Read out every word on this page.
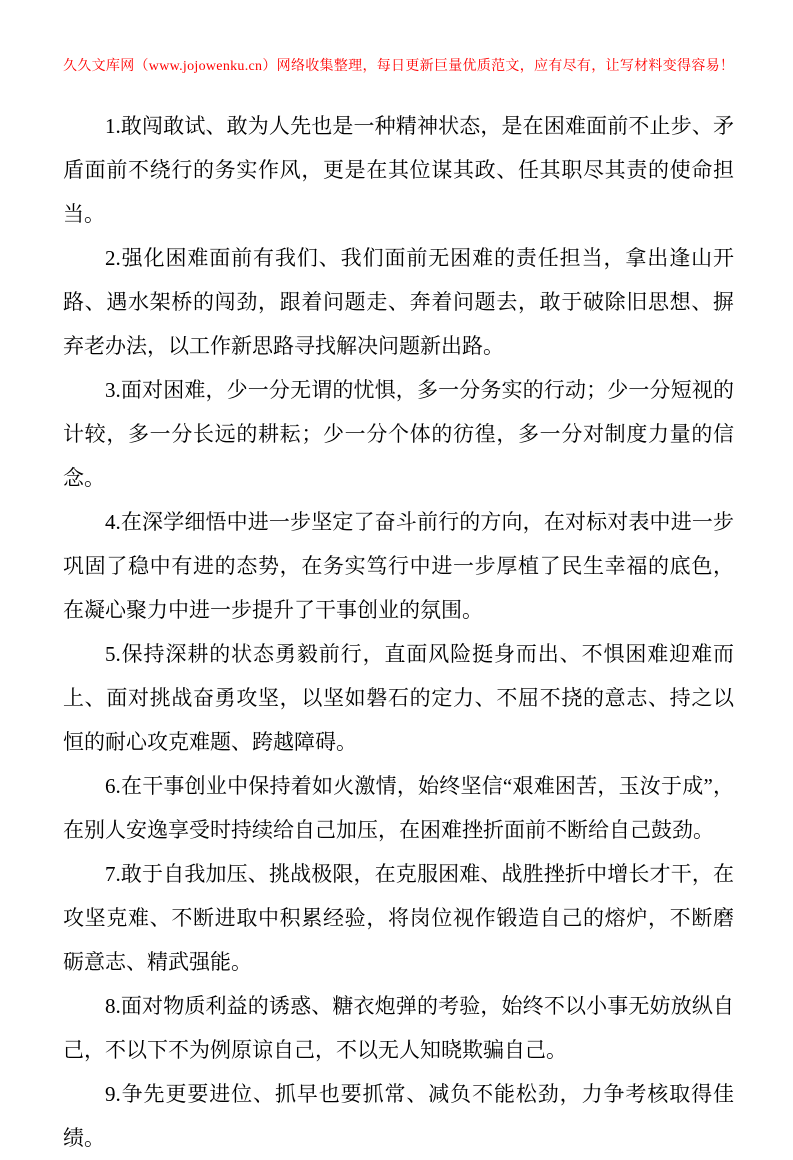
久久文库网（www.jojowenku.cn）网络收集整理，每日更新巨量优质范文，应有尽有，让写材料变得容易！

1.敢闯敢试、敢为人先也是一种精神状态，是在困难面前不止步、矛盾面前不绕行的务实作风，更是在其位谋其政、任其职尽其责的使命担当。

2.强化困难面前有我们、我们面前无困难的责任担当，拿出逢山开路、遇水架桥的闯劲，跟着问题走、奔着问题去，敢于破除旧思想、摒弃老办法，以工作新思路寻找解决问题新出路。

3.面对困难，少一分无谓的忧惧，多一分务实的行动；少一分短视的计较，多一分长远的耕耘；少一分个体的彷徨，多一分对制度力量的信念。

4.在深学细悟中进一步坚定了奋斗前行的方向，在对标对表中进一步巩固了稳中有进的态势，在务实笃行中进一步厚植了民生幸福的底色，在凝心聚力中进一步提升了干事创业的氛围。

5.保持深耕的状态勇毅前行，直面风险挺身而出、不惧困难迎难而上、面对挑战奋勇攻坚，以坚如磐石的定力、不屈不挠的意志、持之以恒的耐心攻克难题、跨越障碍。

6.在干事创业中保持着如火激情，始终坚信“艰难困苦，玉汝于成”，在别人安逸享受时持续给自己加压，在困难挫折面前不断给自己鼓劲。

7.敢于自我加压、挑战极限，在克服困难、战胜挫折中增长才干，在攻坚克难、不断进取中积累经验，将岗位视作锻造自己的熔炉，不断磨砺意志、精武强能。

8.面对物质利益的诱惑、糖衣炮弹的考验，始终不以小事无妨放纵自己，不以下不为例原谅自己，不以无人知晓欺骗自己。

9.争先更要进位、抓早也要抓常、减负不能松劲，力争考核取得佳绩。
